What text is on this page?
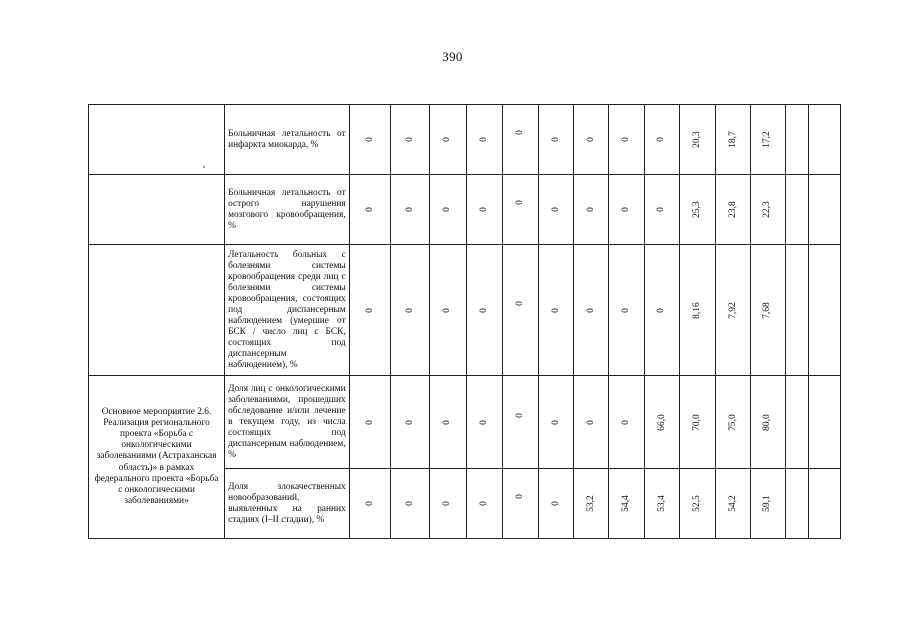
390

	Больничная летальность от инфаркта миокарда, %	0	0	0	0	0	0	0	0	0	20,3	18,7	17,2		

	Больничная летальность от острого нарушения мозгового кровообращения, %	0	0	0	0	0	0	0	0	0	25,3	23,8	22,3		

	Летальность больных с болезнями системы кровообращения среди лиц с болезнями системы кровообращения, состоящих под диспансерным наблюдением (умершие от БСК / число лиц с БСК, состоящих под диспансерным наблюдением), %	0	0	0	0	0	0	0	0	0	8,16	7,92	7,68		

Основное мероприятие 2.6. Реализация регионального проекта «Борьба с онкологическими заболеваниями (Астраханская область)» в рамках федерального проекта «Борьба с онкологическими заболеваниями»	Доля лиц с онкологическими заболеваниями, прошедших обследование и/или лечение в текущем году, из числа состоящих под диспансерным наблюдением, %	0	0	0	0	0	0	0	0	66,0	70,0	75,0	80,0		

	Доля злокачественных новообразований, выявленных на ранних стадиях (I–II стадии), %	0	0	0	0	0	0	53,2	54,4	53,4	52,5	54,2	59,1		
